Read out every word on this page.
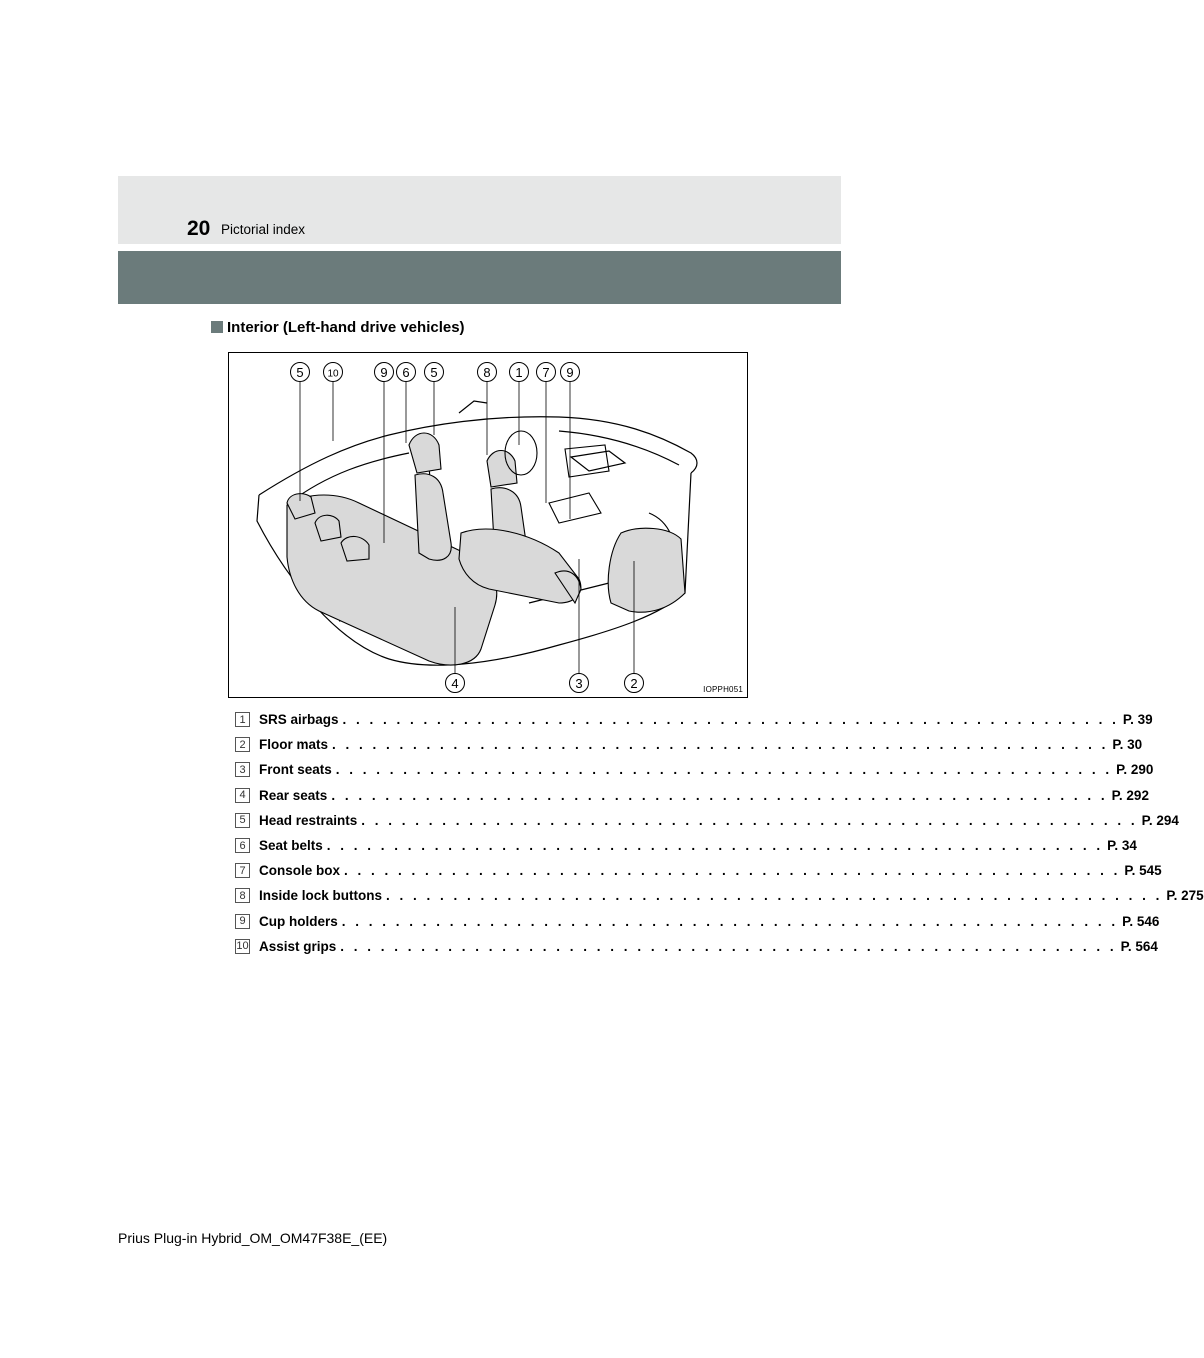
20 Pictorial index
Interior (Left-hand drive vehicles)
5 10	9 6 5	8 1 7 9
4	3	2	IOPPH051
1 SRS airbags . . . . . . . . . . . . . . . . . . . . . . . . . . . . . . . . . . . . . . . . . . . . . . . . . . . . . . . . . . P. 39
2 Floor mats . . . . . . . . . . . . . . . . . . . . . . . . . . . . . . . . . . . . . . . . . . . . . . . . . . . . . . . . . . P. 30
3 Front seats . . . . . . . . . . . . . . . . . . . . . . . . . . . . . . . . . . . . . . . . . . . . . . . . . . . . . . . . . . P. 290
4 Rear seats . . . . . . . . . . . . . . . . . . . . . . . . . . . . . . . . . . . . . . . . . . . . . . . . . . . . . . . . . . P. 292
5 Head restraints . . . . . . . . . . . . . . . . . . . . . . . . . . . . . . . . . . . . . . . . . . . . . . . . . . . . . . . . . . P. 294
6 Seat belts . . . . . . . . . . . . . . . . . . . . . . . . . . . . . . . . . . . . . . . . . . . . . . . . . . . . . . . . . . P. 34
7 Console box . . . . . . . . . . . . . . . . . . . . . . . . . . . . . . . . . . . . . . . . . . . . . . . . . . . . . . . . . . P. 545
8 Inside lock buttons . . . . . . . . . . . . . . . . . . . . . . . . . . . . . . . . . . . . . . . . . . . . . . . . . . . . . . . . . . P. 275
9 Cup holders . . . . . . . . . . . . . . . . . . . . . . . . . . . . . . . . . . . . . . . . . . . . . . . . . . . . . . . . . . P. 546
10 Assist grips . . . . . . . . . . . . . . . . . . . . . . . . . . . . . . . . . . . . . . . . . . . . . . . . . . . . . . . . . . P. 564
Prius Plug-in Hybrid_OM_OM47F38E_(EE)
